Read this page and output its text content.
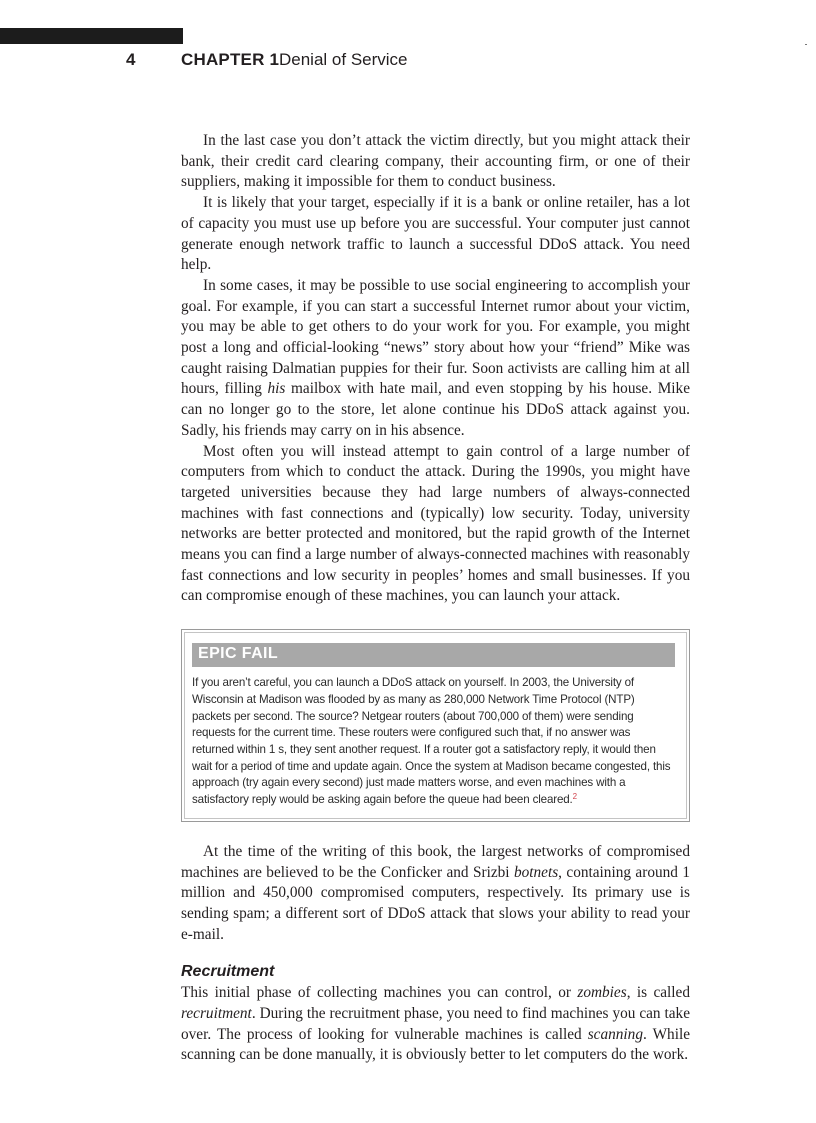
4	CHAPTER 1 Denial of Service

In the last case you don’t attack the victim directly, but you might attack their bank, their credit card clearing company, their accounting firm, or one of their suppliers, making it impossible for them to conduct business.

It is likely that your target, especially if it is a bank or online retailer, has a lot of capacity you must use up before you are successful. Your computer just cannot generate enough network traffic to launch a successful DDoS attack. You need help.

In some cases, it may be possible to use social engineering to accomplish your goal. For example, if you can start a successful Internet rumor about your victim, you may be able to get others to do your work for you. For example, you might post a long and official-looking “news” story about how your “friend” Mike was caught raising Dalmatian puppies for their fur. Soon activists are calling him at all hours, filling his mailbox with hate mail, and even stopping by his house. Mike can no longer go to the store, let alone continue his DDoS attack against you. Sadly, his friends may carry on in his absence.

Most often you will instead attempt to gain control of a large number of computers from which to conduct the attack. During the 1990s, you might have targeted universities because they had large numbers of always-connected machines with fast connections and (typically) low security. Today, university networks are better protected and monitored, but the rapid growth of the Internet means you can find a large number of always-connected machines with reasonably fast connections and low security in peoples’ homes and small businesses. If you can compromise enough of these machines, you can launch your attack.

EPIC FAIL

If you aren’t careful, you can launch a DDoS attack on yourself. In 2003, the University of Wisconsin at Madison was flooded by as many as 280,000 Network Time Protocol (NTP) packets per second. The source? Netgear routers (about 700,000 of them) were sending requests for the current time. These routers were configured such that, if no answer was returned within 1 s, they sent another request. If a router got a satisfactory reply, it would then wait for a period of time and update again. Once the system at Madison became congested, this approach (try again every second) just made matters worse, and even machines with a satisfactory reply would be asking again before the queue had been cleared.$^2$

At the time of the writing of this book, the largest networks of compromised machines are believed to be the Conficker and Srizbi botnets, containing around 1 million and 450,000 compromised computers, respectively. Its primary use is sending spam; a different sort of DDoS attack that slows your ability to read your e-mail.

Recruitment

This initial phase of collecting machines you can control, or zombies, is called recruitment. During the recruitment phase, you need to find machines you can take over. The process of looking for vulnerable machines is called scanning. While scanning can be done manually, it is obviously better to let computers do the work.
